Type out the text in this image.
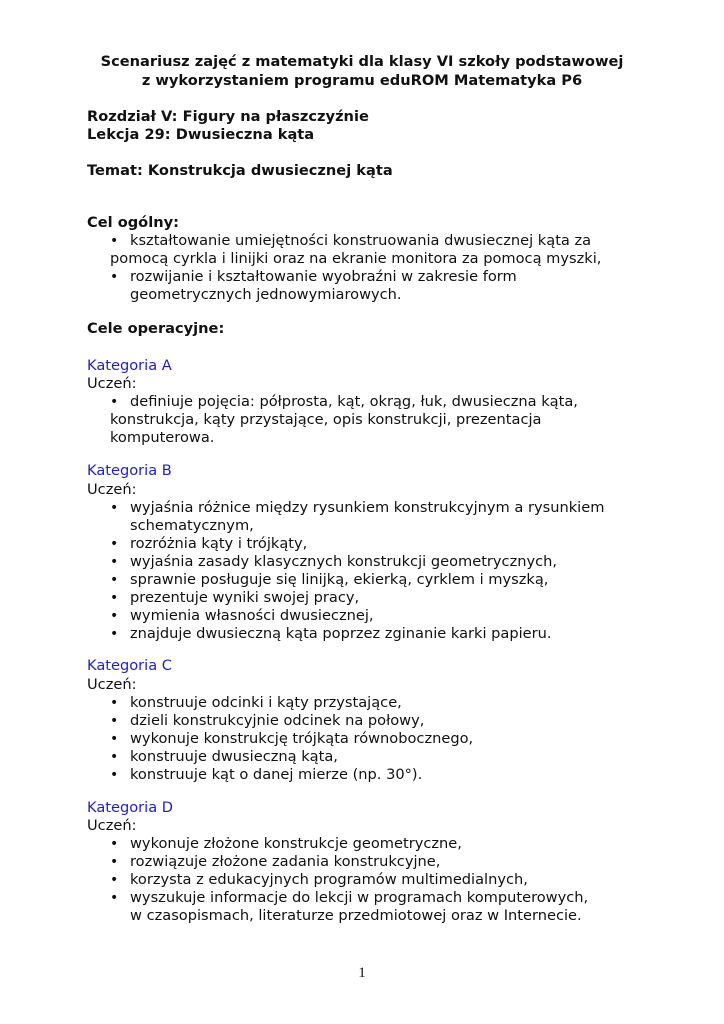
Scenariusz zajęć z matematyki dla klasy VI szkoły podstawowej
z wykorzystaniem programu eduROM Matematyka P6
Rozdział V: Figury na płaszczyźnie
Lekcja 29: Dwusieczna kąta
Temat: Konstrukcja dwusiecznej kąta
Cel ogólny:
• kształtowanie umiejętności konstruowania dwusiecznej kąta za
pomocą cyrkla i linijki oraz na ekranie monitora za pomocą myszki,
• rozwijanie i kształtowanie wyobraźni w zakresie form
geometrycznych jednowymiarowych.
Cele operacyjne:
Kategoria A
Uczeń:
• definiuje pojęcia: półprosta, kąt, okrąg, łuk, dwusieczna kąta,
konstrukcja, kąty przystające, opis konstrukcji, prezentacja
komputerowa.
Kategoria B
Uczeń:
• wyjaśnia różnice między rysunkiem konstrukcyjnym a rysunkiem
schematycznym,
• rozróżnia kąty i trójkąty,
• wyjaśnia zasady klasycznych konstrukcji geometrycznych,
• sprawnie posługuje się linijką, ekierką, cyrklem i myszką,
• prezentuje wyniki swojej pracy,
• wymienia własności dwusiecznej,
• znajduje dwusieczną kąta poprzez zginanie karki papieru.
Kategoria C
Uczeń:
• konstruuje odcinki i kąty przystające,
• dzieli konstrukcyjnie odcinek na połowy,
• wykonuje konstrukcję trójkąta równobocznego,
• konstruuje dwusieczną kąta,
• konstruuje kąt o danej mierze (np. 30°).
Kategoria D
Uczeń:
• wykonuje złożone konstrukcje geometryczne,
• rozwiązuje złożone zadania konstrukcyjne,
• korzysta z edukacyjnych programów multimedialnych,
• wyszukuje informacje do lekcji w programach komputerowych,
w czasopismach, literaturze przedmiotowej oraz w Internecie.
1
